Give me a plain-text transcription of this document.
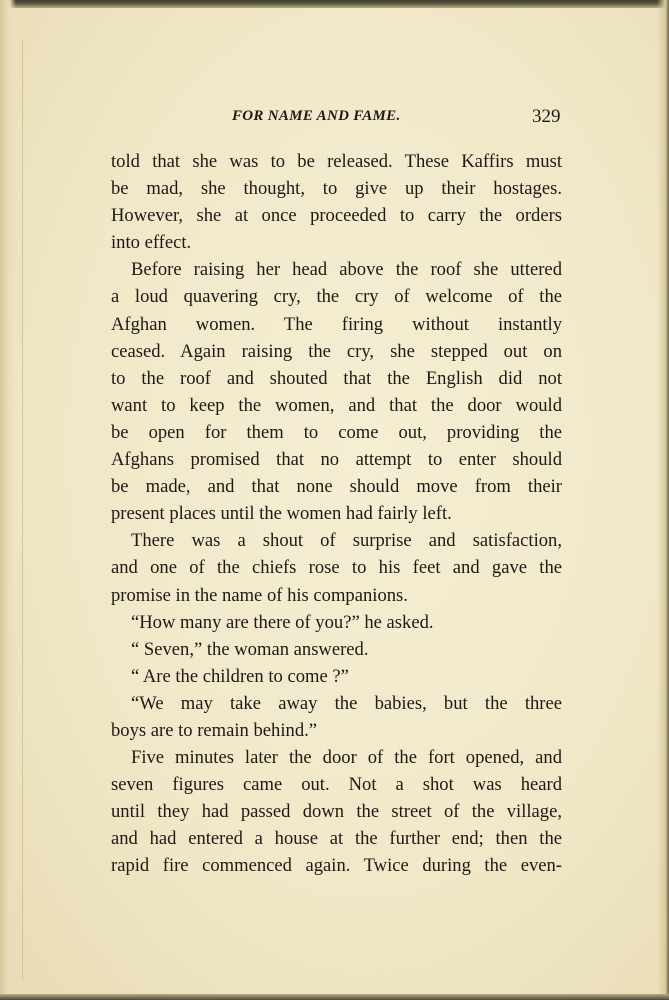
FOR NAME AND FAME.	329
told that she was to be released. These Kaffirs must
be mad, she thought, to give up their hostages.
However, she at once proceeded to carry the orders
into effect.
Before raising her head above the roof she uttered
a loud quavering cry, the cry of welcome of the
Afghan women. The firing without instantly
ceased. Again raising the cry, she stepped out on
to the roof and shouted that the English did not
want to keep the women, and that the door would
be open for them to come out, providing the
Afghans promised that no attempt to enter should
be made, and that none should move from their
present places until the women had fairly left.
There was a shout of surprise and satisfaction,
and one of the chiefs rose to his feet and gave the
promise in the name of his companions.
“How many are there of you?” he asked.
“ Seven,” the woman answered.
“ Are the children to come ?”
“We may take away the babies, but the three
boys are to remain behind.”
Five minutes later the door of the fort opened, and
seven figures came out. Not a shot was heard
until they had passed down the street of the village,
and had entered a house at the further end; then the
rapid fire commenced again. Twice during the even-
